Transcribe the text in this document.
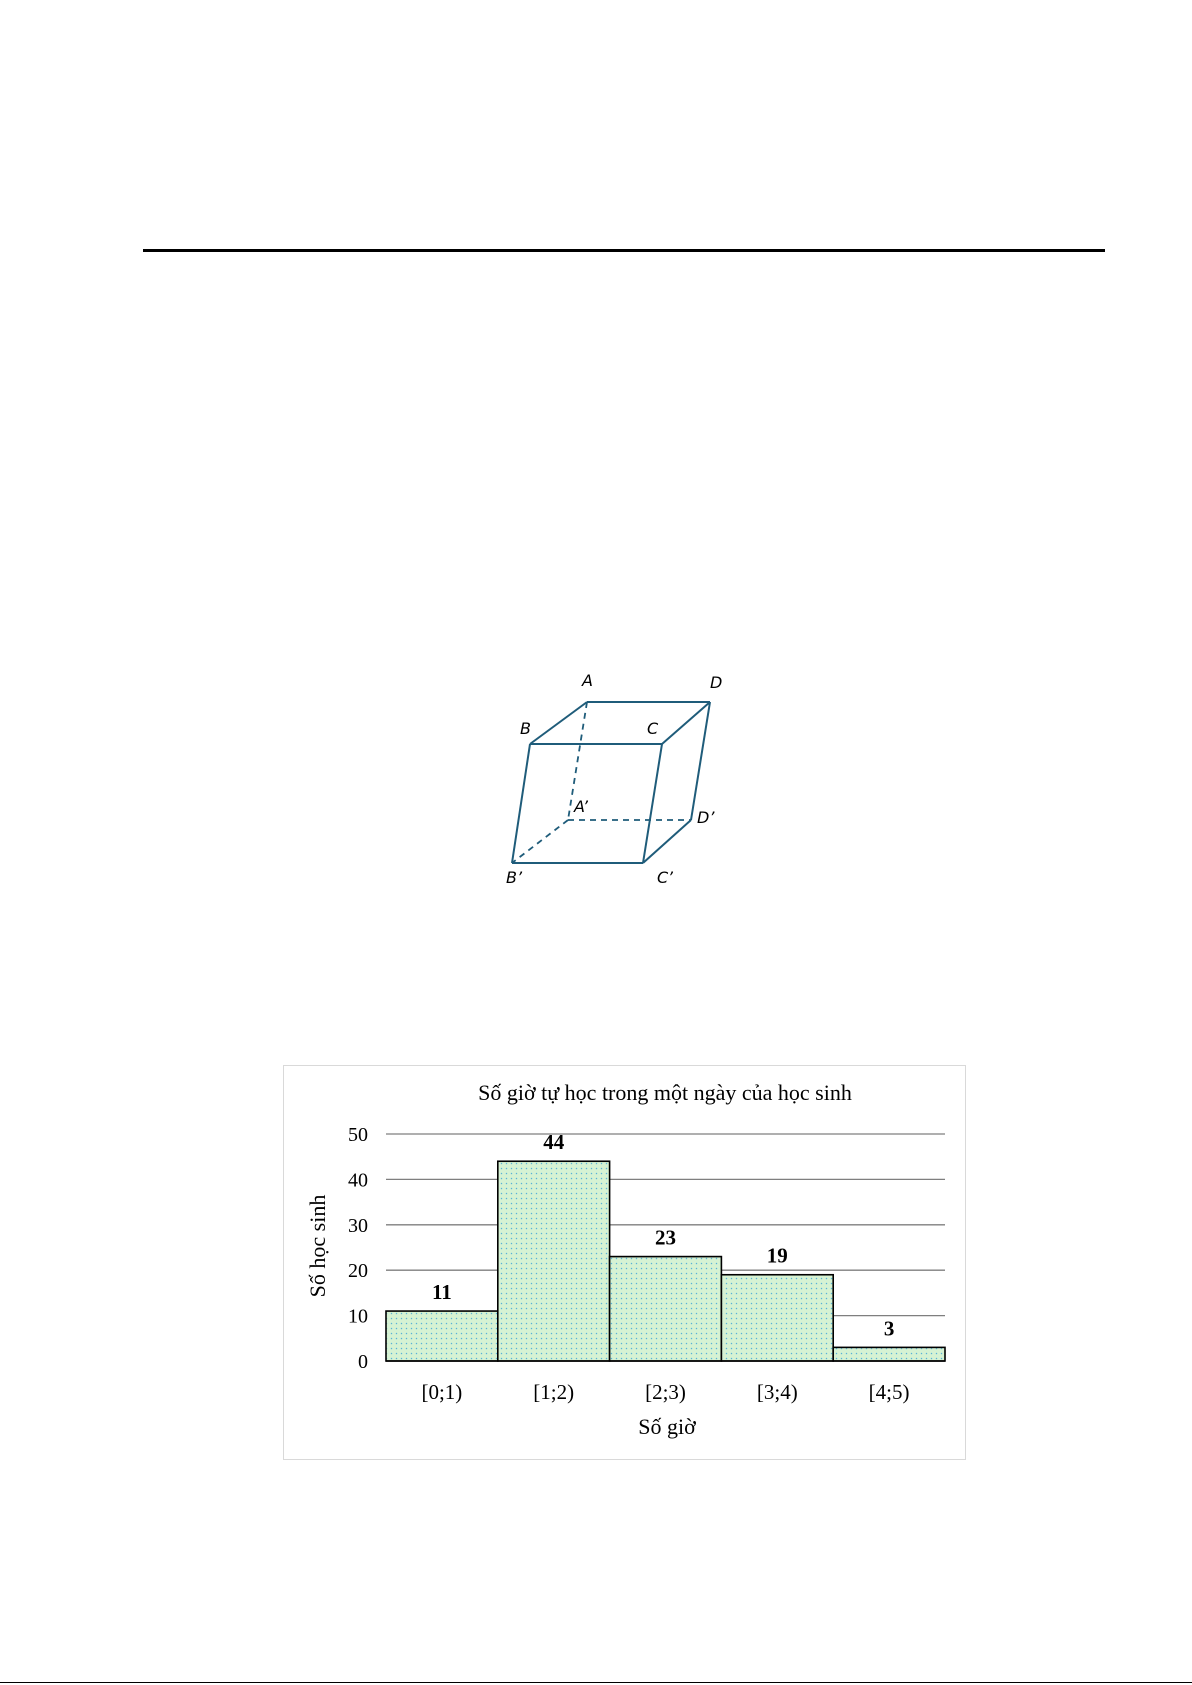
A	D
B	C
A’
D’
B’	C’
Số giờ tự học trong một ngày của học sinh
0
10
20
30
40
50
11
[0;1)
44
[1;2)
23
[2;3)
19
[3;4)
3
[4;5)
Số giờ
Số học sinh
